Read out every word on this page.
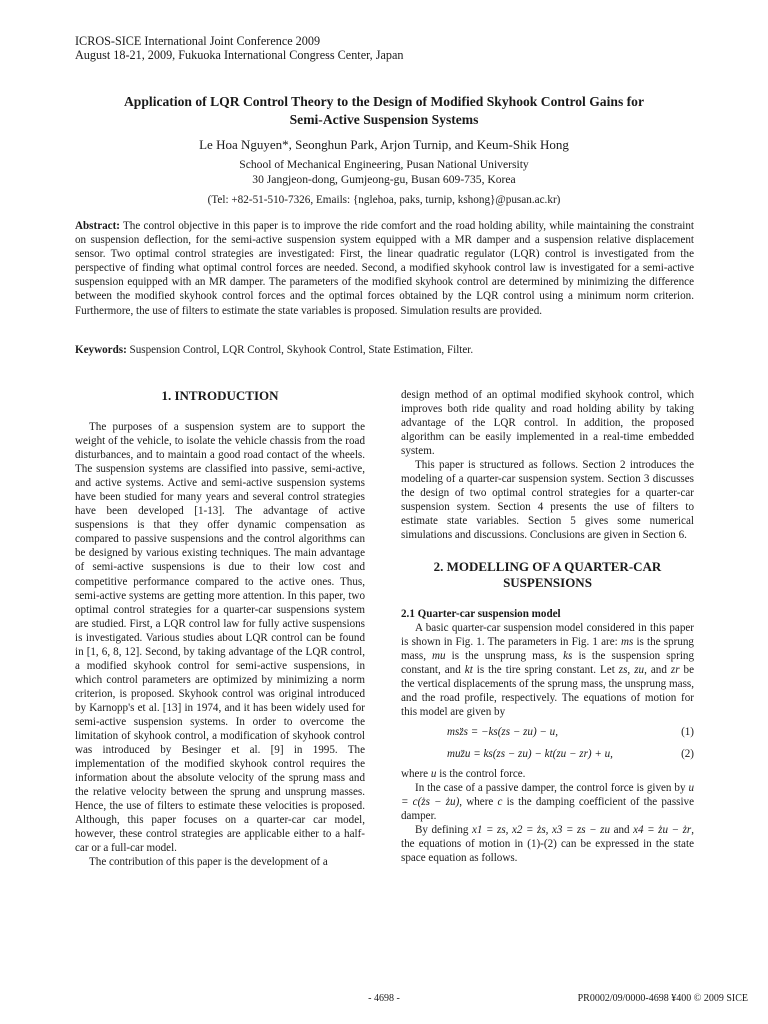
ICROS-SICE International Joint Conference 2009
August 18-21, 2009, Fukuoka International Congress Center, Japan
Application of LQR Control Theory to the Design of Modified Skyhook Control Gains for
Semi-Active Suspension Systems
Le Hoa Nguyen*, Seonghun Park, Arjon Turnip, and Keum-Shik Hong
School of Mechanical Engineering, Pusan National University
30 Jangjeon-dong, Gumjeong-gu, Busan 609-735, Korea
(Tel: +82-51-510-7326, Emails: {nglehoa, paks, turnip, kshong}@pusan.ac.kr)
Abstract: The control objective in this paper is to improve the ride comfort and the road holding ability, while maintaining the constraint on suspension deflection, for the semi-active suspension system equipped with a MR damper and a suspension relative displacement sensor. Two optimal control strategies are investigated: First, the linear quadratic regulator (LQR) control is investigated from the perspective of finding what optimal control forces are needed. Second, a modified skyhook control law is investigated for a semi-active suspension equipped with an MR damper. The parameters of the modified skyhook control are determined by minimizing the difference between the modified skyhook control forces and the optimal forces obtained by the LQR control using a minimum norm criterion. Furthermore, the use of filters to estimate the state variables is proposed. Simulation results are provided.
Keywords: Suspension Control, LQR Control, Skyhook Control, State Estimation, Filter.
1. INTRODUCTION

The purposes of a suspension system are to support the weight of the vehicle, to isolate the vehicle chassis from the road disturbances, and to maintain a good road contact of the wheels. The suspension systems are classified into passive, semi-active, and active systems. Active and semi-active suspension systems have been studied for many years and several control strategies have been developed [1-13]. The advantage of active suspensions is that they offer dynamic compensation as compared to passive suspensions and the control algorithms can be designed by various existing techniques. The main advantage of semi-active suspensions is due to their low cost and competitive performance compared to the active ones. Thus, semi-active systems are getting more attention. In this paper, two optimal control strategies for a quarter-car suspensions system are studied. First, a LQR control law for fully active suspensions is investigated. Various studies about LQR control can be found in [1, 6, 8, 12]. Second, by taking advantage of the LQR control, a modified skyhook control for semi-active suspensions, in which control parameters are optimized by minimizing a norm criterion, is proposed. Skyhook control was original introduced by Karnopp's et al. [13] in 1974, and it has been widely used for semi-active suspension systems. In order to overcome the limitation of skyhook control, a modification of skyhook control was introduced by Besinger et al. [9] in 1995. The implementation of the modified skyhook control requires the information about the absolute velocity of the sprung mass and the relative velocity between the sprung and unsprung masses. Hence, the use of filters to estimate these velocities is proposed. Although, this paper focuses on a quarter-car car model, however, these control strategies are applicable either to a half-car or a full-car model.

The contribution of this paper is the development of a

design method of an optimal modified skyhook control, which improves both ride quality and road holding ability by taking advantage of the LQR control. In addition, the proposed algorithm can be easily implemented in a real-time embedded system.

This paper is structured as follows. Section 2 introduces the modeling of a quarter-car suspension system. Section 3 discusses the design of two optimal control strategies for a quarter-car suspension system. Section 4 presents the use of filters to estimate state variables. Section 5 gives some numerical simulations and discussions. Conclusions are given in Section 6.

2. MODELLING OF A QUARTER-CAR
SUSPENSIONS

2.1 Quarter-car suspension model

A basic quarter-car suspension model considered in this paper is shown in Fig. 1. The parameters in Fig. 1 are: ms is the sprung mass, mu is the unsprung mass, ks is the suspension spring constant, and kt is the tire spring constant. Let zs, zu, and zr be the vertical displacements of the sprung mass, the unsprung mass, and the road profile, respectively. The equations of motion for this model are given by

msz̈s = −ks(zs − zu) − u,	(1)
muz̈u = ks(zs − zu) − kt(zu − zr) + u,	(2)

where u is the control force.

In the case of a passive damper, the control force is given by u = c(żs − żu), where c is the damping coefficient of the passive damper.

By defining x1 = zs, x2 = żs, x3 = zs − zu and x4 = żu − żr, the equations of motion in (1)-(2) can be expressed in the state space equation as follows.

- 4698 -	PR0002/09/0000-4698 ¥400 © 2009 SICE
